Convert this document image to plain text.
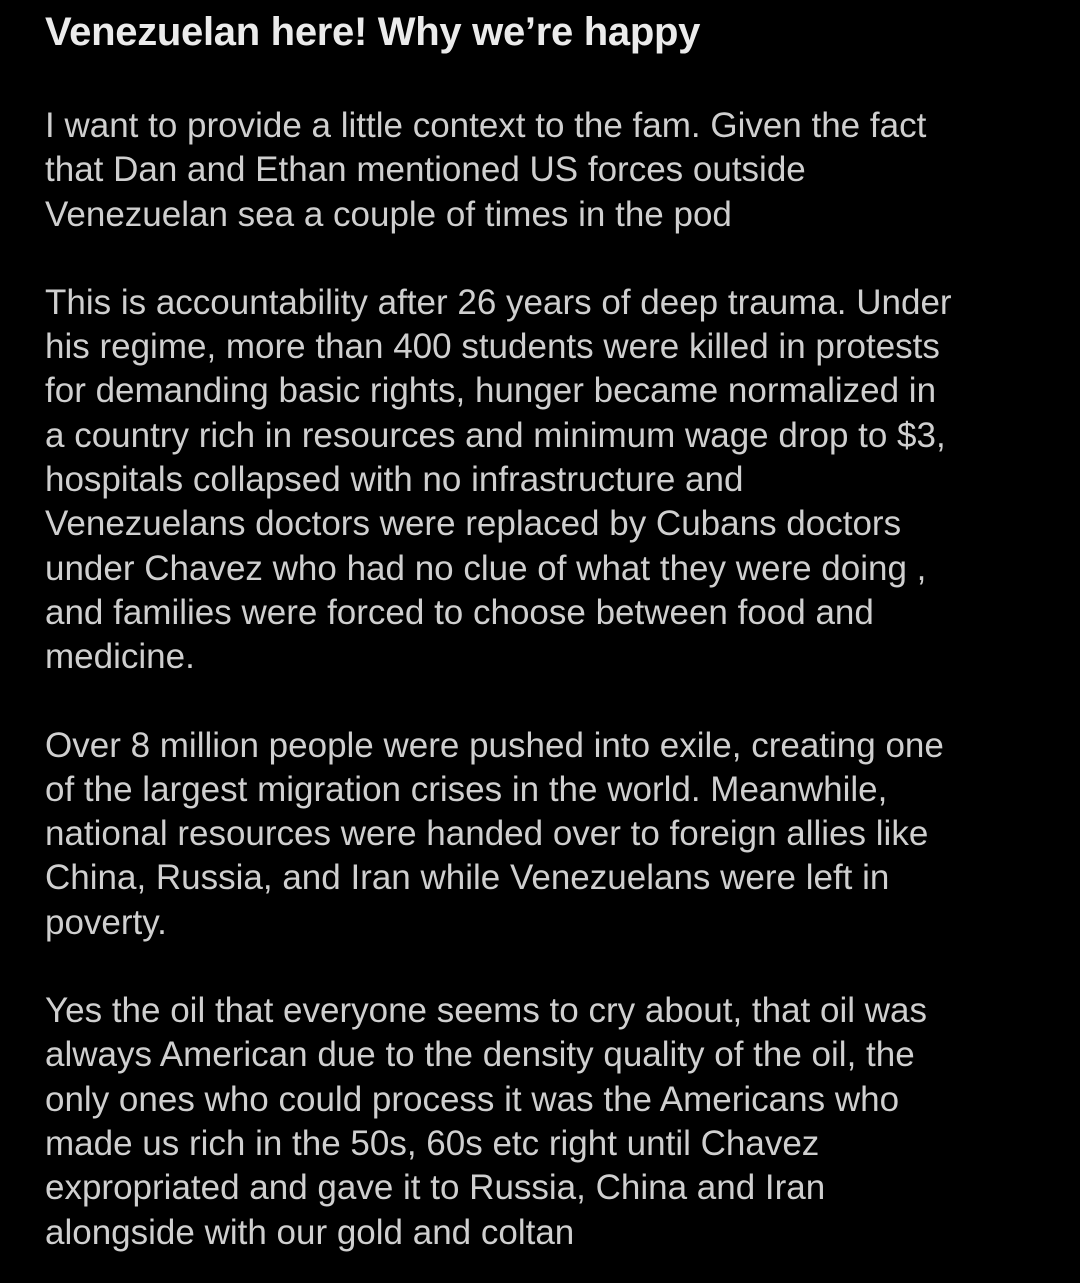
Venezuelan here! Why we’re happy

I want to provide a little context to the fam. Given the fact
that Dan and Ethan mentioned US forces outside
Venezuelan sea a couple of times in the pod

This is accountability after 26 years of deep trauma. Under
his regime, more than 400 students were killed in protests
for demanding basic rights, hunger became normalized in
a country rich in resources and minimum wage drop to $3,
hospitals collapsed with no infrastructure and
Venezuelans doctors were replaced by Cubans doctors
under Chavez who had no clue of what they were doing ,
and families were forced to choose between food and
medicine.

Over 8 million people were pushed into exile, creating one
of the largest migration crises in the world. Meanwhile,
national resources were handed over to foreign allies like
China, Russia, and Iran while Venezuelans were left in
poverty.

Yes the oil that everyone seems to cry about, that oil was
always American due to the density quality of the oil, the
only ones who could process it was the Americans who
made us rich in the 50s, 60s etc right until Chavez
expropriated and gave it to Russia, China and Iran
alongside with our gold and coltan
